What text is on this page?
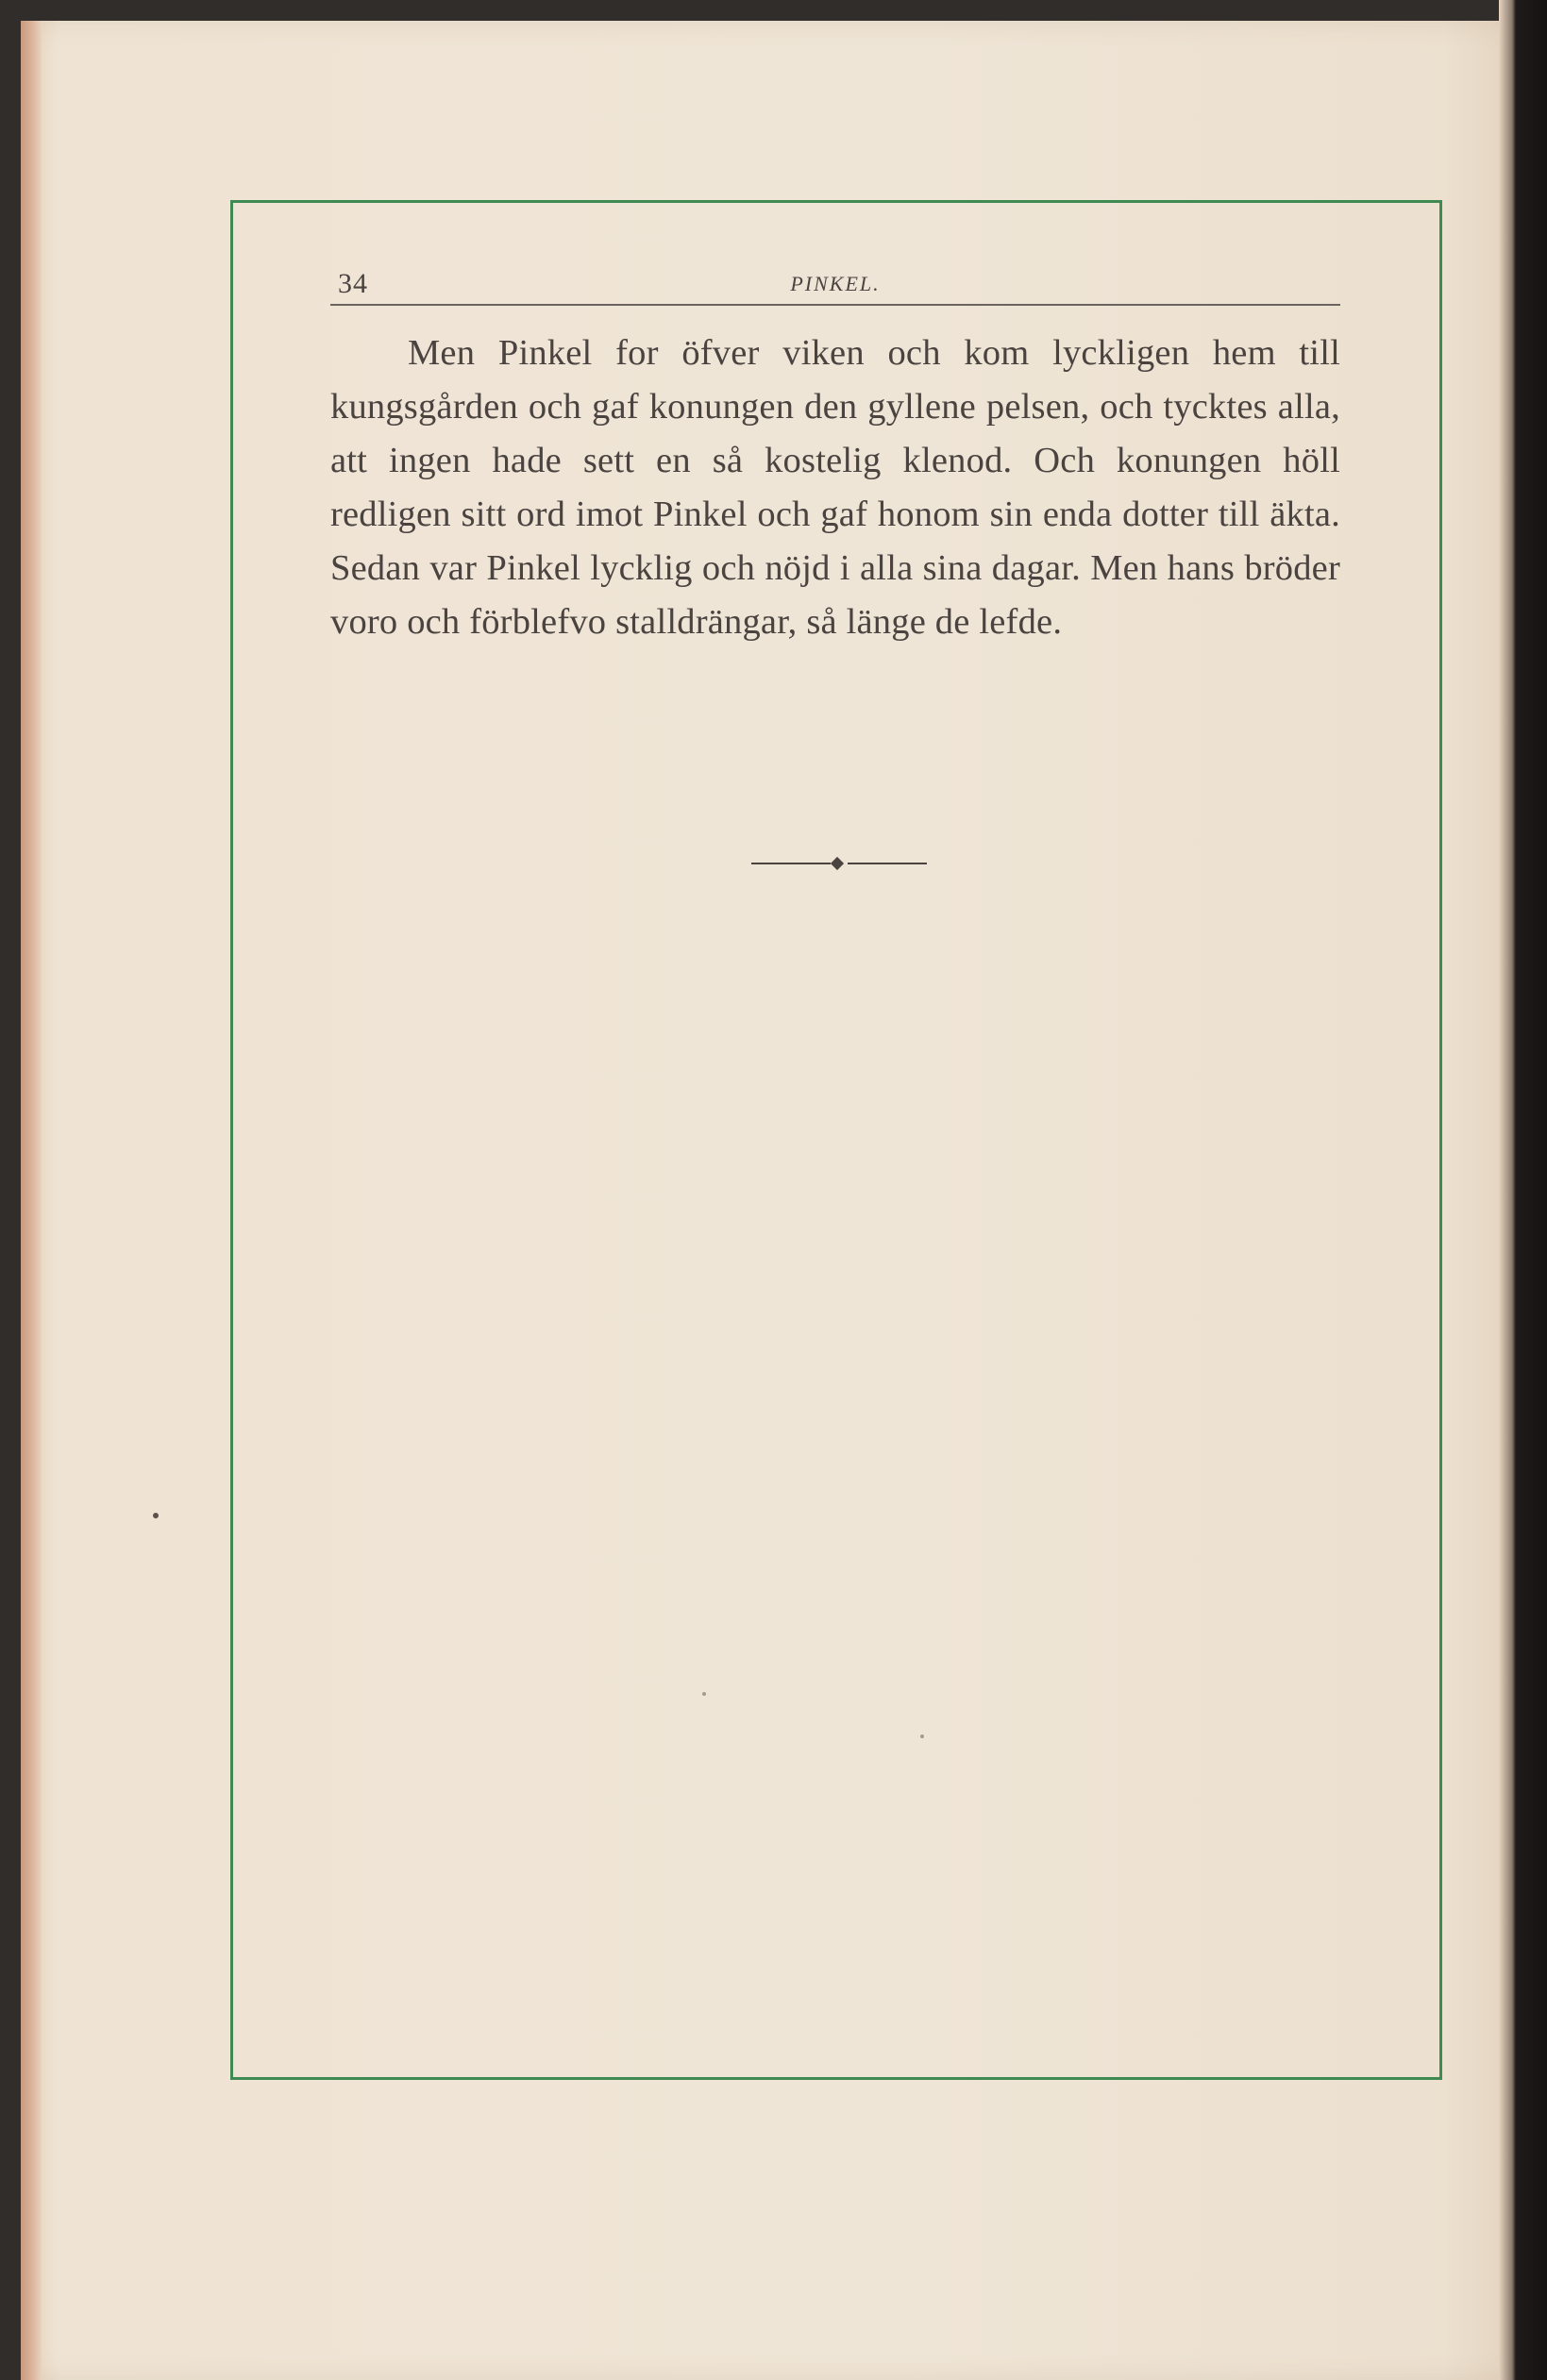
34	PINKEL.

Men Pinkel for öfver viken och kom lyckligen hem till kungsgården och gaf konungen den gyllene pelsen, och tycktes alla, att ingen hade sett en så kostelig klenod. Och konungen höll redligen sitt ord imot Pinkel och gaf honom sin enda dotter till äkta. Sedan var Pinkel lycklig och nöjd i alla sina dagar. Men hans bröder voro och förblefvo stalldrängar, så länge de lefde.
